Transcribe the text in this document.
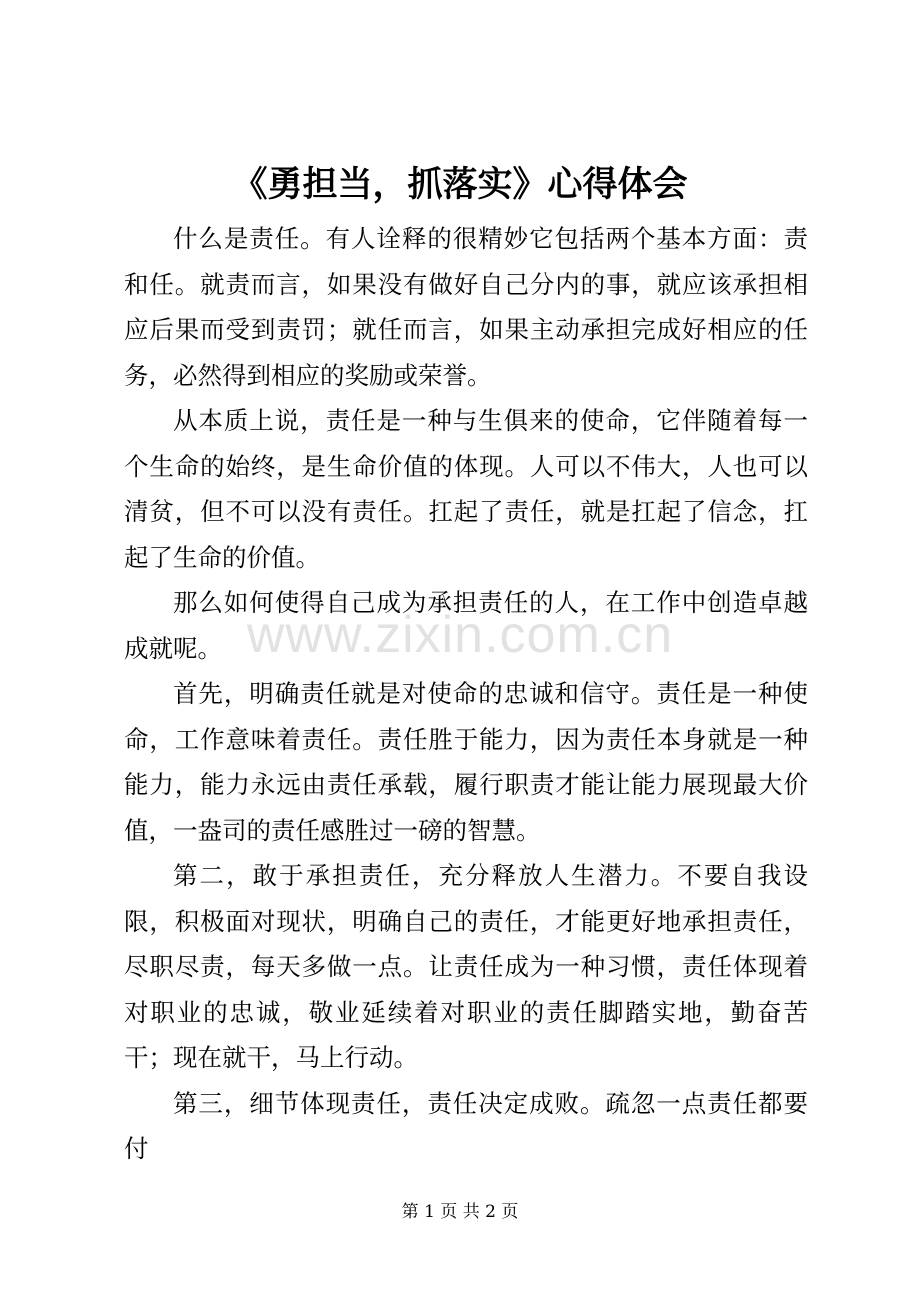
《勇担当，抓落实》心得体会

什么是责任。有人诠释的很精妙它包括两个基本方面：责和任。就责而言，如果没有做好自己分内的事，就应该承担相应后果而受到责罚；就任而言，如果主动承担完成好相应的任务，必然得到相应的奖励或荣誉。

从本质上说，责任是一种与生俱来的使命，它伴随着每一个生命的始终，是生命价值的体现。人可以不伟大，人也可以清贫，但不可以没有责任。扛起了责任，就是扛起了信念，扛起了生命的价值。

那么如何使得自己成为承担责任的人，在工作中创造卓越成就呢。

首先，明确责任就是对使命的忠诚和信守。责任是一种使命，工作意味着责任。责任胜于能力，因为责任本身就是一种能力，能力永远由责任承载，履行职责才能让能力展现最大价值，一盎司的责任感胜过一磅的智慧。

第二，敢于承担责任，充分释放人生潜力。不要自我设限，积极面对现状，明确自己的责任，才能更好地承担责任，尽职尽责，每天多做一点。让责任成为一种习惯，责任体现着对职业的忠诚，敬业延续着对职业的责任脚踏实地，勤奋苦干；现在就干，马上行动。

第三，细节体现责任，责任决定成败。疏忽一点责任都要付

www.zixin.com.cn
第 1 页 共 2 页
